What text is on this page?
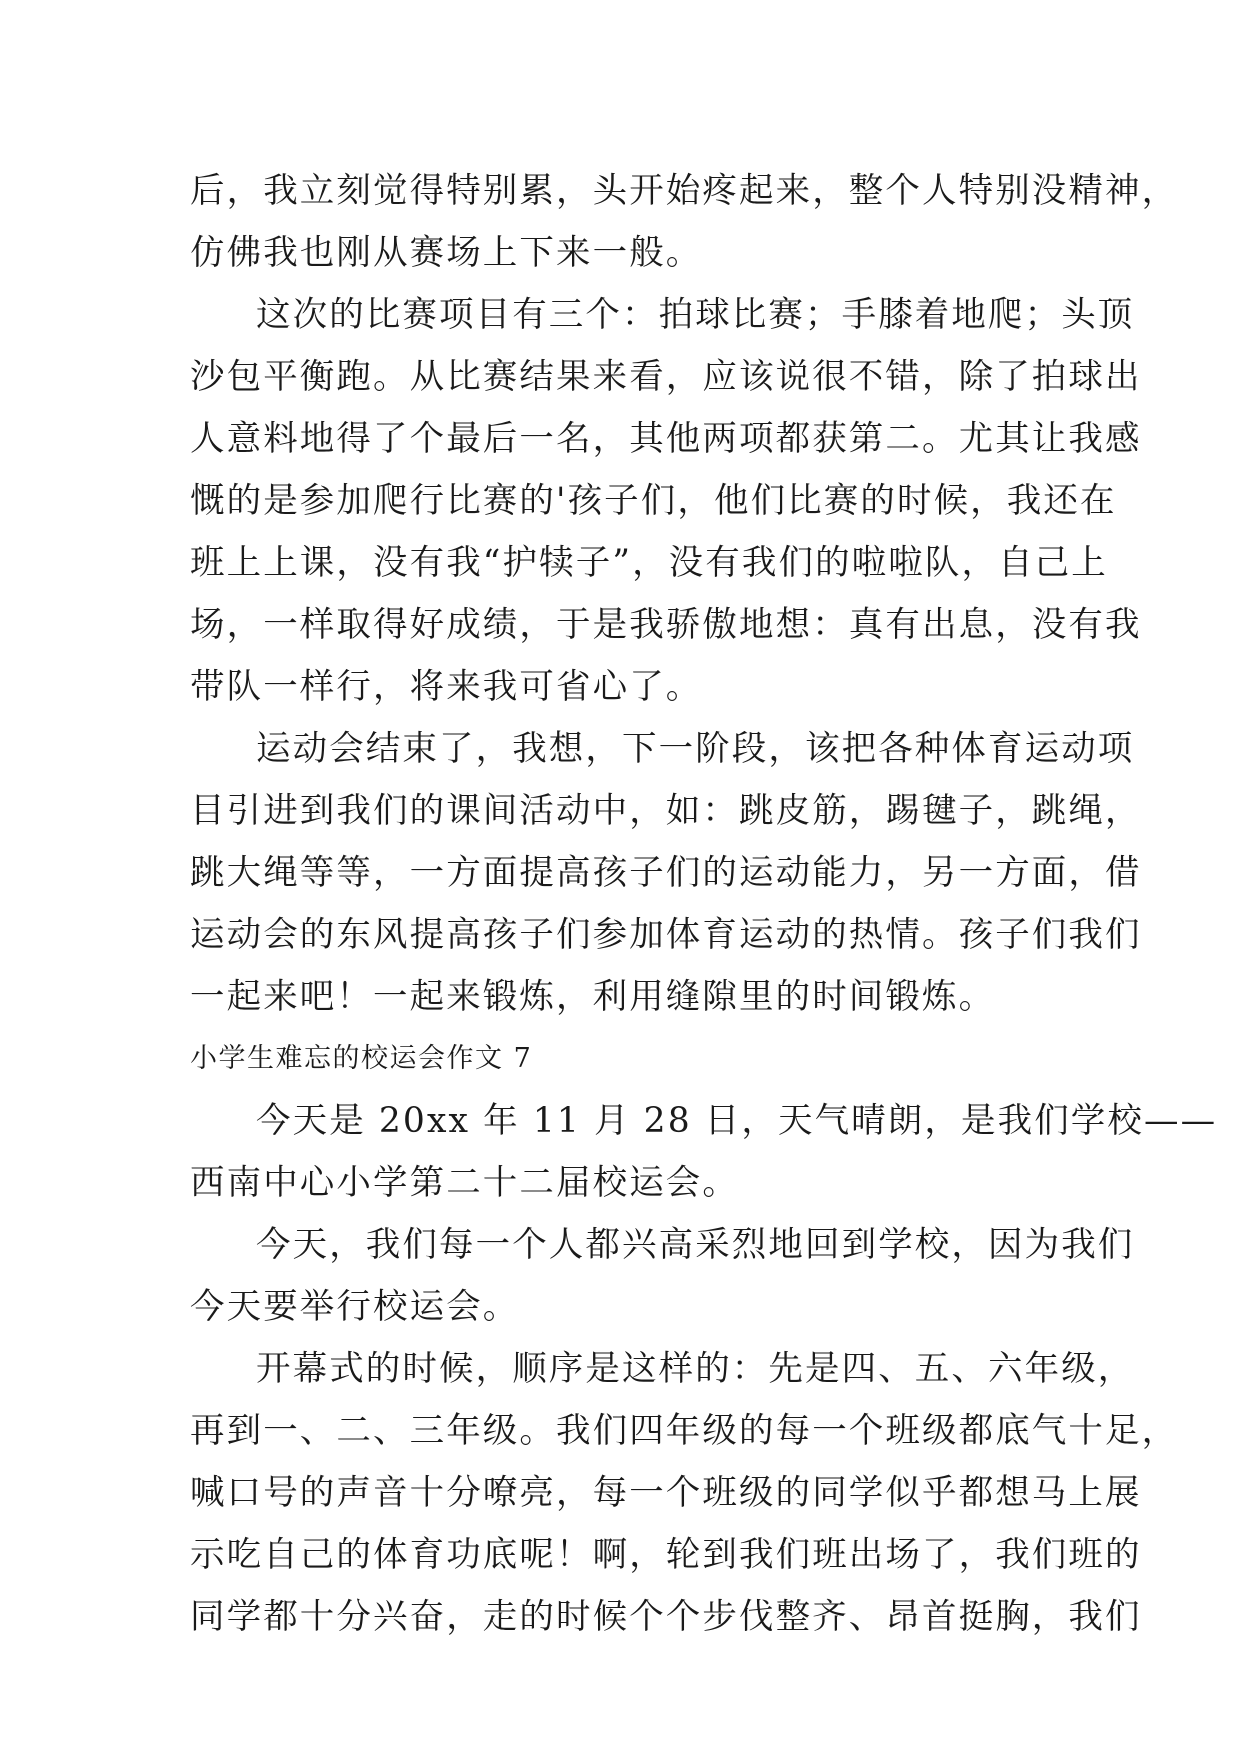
后，我立刻觉得特别累，头开始疼起来，整个人特别没精神，
仿佛我也刚从赛场上下来一般。
这次的比赛项目有三个：拍球比赛；手膝着地爬；头顶
沙包平衡跑。从比赛结果来看，应该说很不错，除了拍球出
人意料地得了个最后一名，其他两项都获第二。尤其让我感
慨的是参加爬行比赛的'孩子们，他们比赛的时候，我还在
班上上课，没有我“护犊子”，没有我们的啦啦队，自己上
场，一样取得好成绩，于是我骄傲地想：真有出息，没有我
带队一样行，将来我可省心了。
运动会结束了，我想，下一阶段，该把各种体育运动项
目引进到我们的课间活动中，如：跳皮筋，踢毽子，跳绳，
跳大绳等等，一方面提高孩子们的运动能力，另一方面，借
运动会的东风提高孩子们参加体育运动的热情。孩子们我们
一起来吧！一起来锻炼，利用缝隙里的时间锻炼。
小学生难忘的校运会作文 7
今天是 20xx 年 11 月 28 日，天气晴朗，是我们学校——
西南中心小学第二十二届校运会。
今天，我们每一个人都兴高采烈地回到学校，因为我们
今天要举行校运会。
开幕式的时候，顺序是这样的：先是四、五、六年级，
再到一、二、三年级。我们四年级的每一个班级都底气十足，
喊口号的声音十分嘹亮，每一个班级的同学似乎都想马上展
示吃自己的体育功底呢！啊，轮到我们班出场了，我们班的
同学都十分兴奋，走的时候个个步伐整齐、昂首挺胸，我们
